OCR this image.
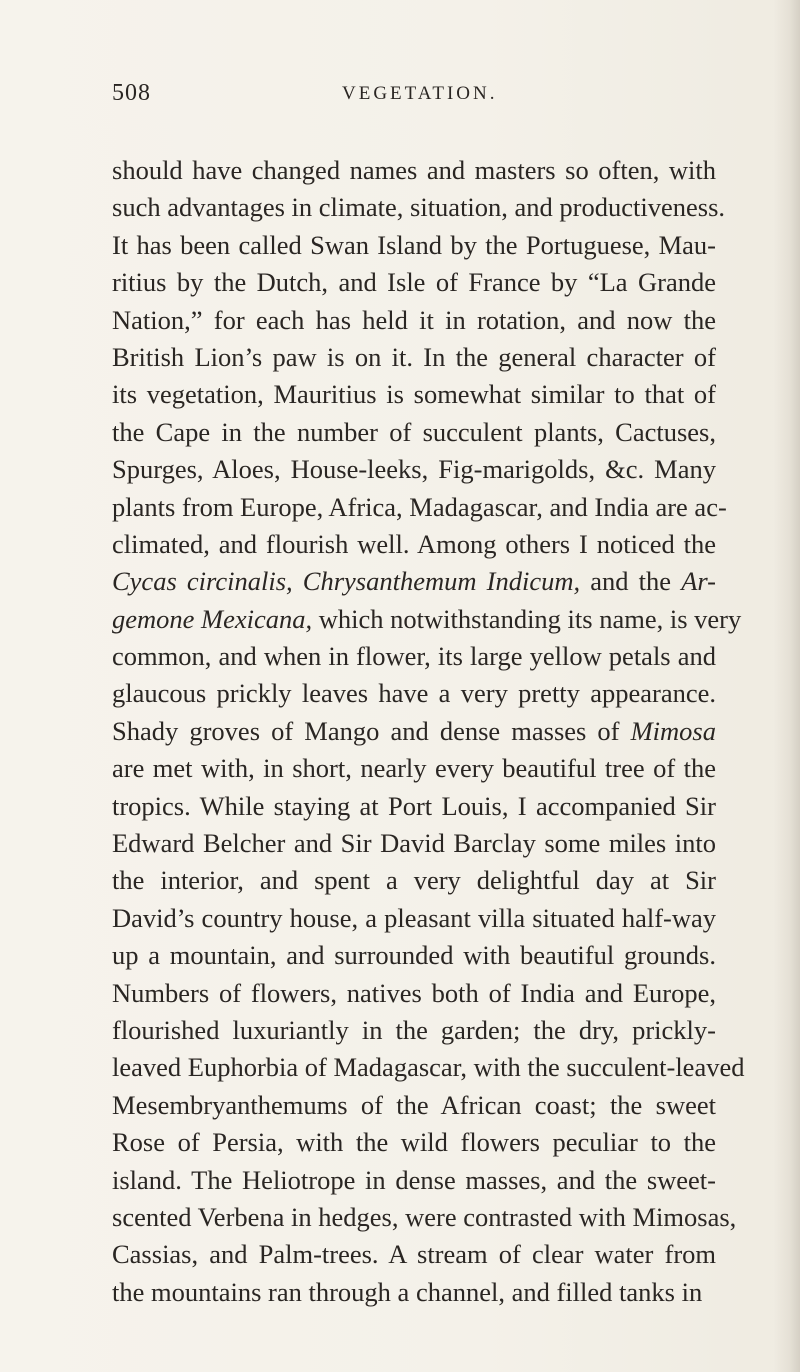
508	VEGETATION.
should have changed names and masters so often, with
such advantages in climate, situation, and productiveness.
It has been called Swan Island by the Portuguese, Mau-
ritius by the Dutch, and Isle of France by “La Grande
Nation,” for each has held it in rotation, and now the
British Lion’s paw is on it. In the general character of
its vegetation, Mauritius is somewhat similar to that of
the Cape in the number of succulent plants, Cactuses,
Spurges, Aloes, House-leeks, Fig-marigolds, &c. Many
plants from Europe, Africa, Madagascar, and India are ac-
climated, and flourish well. Among others I noticed the
Cycas circinalis, Chrysanthemum Indicum, and the Ar-
gemone Mexicana, which notwithstanding its name, is very
common, and when in flower, its large yellow petals and
glaucous prickly leaves have a very pretty appearance.
Shady groves of Mango and dense masses of Mimosa
are met with, in short, nearly every beautiful tree of the
tropics. While staying at Port Louis, I accompanied Sir
Edward Belcher and Sir David Barclay some miles into
the interior, and spent a very delightful day at Sir
David’s country house, a pleasant villa situated half-way
up a mountain, and surrounded with beautiful grounds.
Numbers of flowers, natives both of India and Europe,
flourished luxuriantly in the garden; the dry, prickly-
leaved Euphorbia of Madagascar, with the succulent-leaved
Mesembryanthemums of the African coast; the sweet
Rose of Persia, with the wild flowers peculiar to the
island. The Heliotrope in dense masses, and the sweet-
scented Verbena in hedges, were contrasted with Mimosas,
Cassias, and Palm-trees. A stream of clear water from
the mountains ran through a channel, and filled tanks in
